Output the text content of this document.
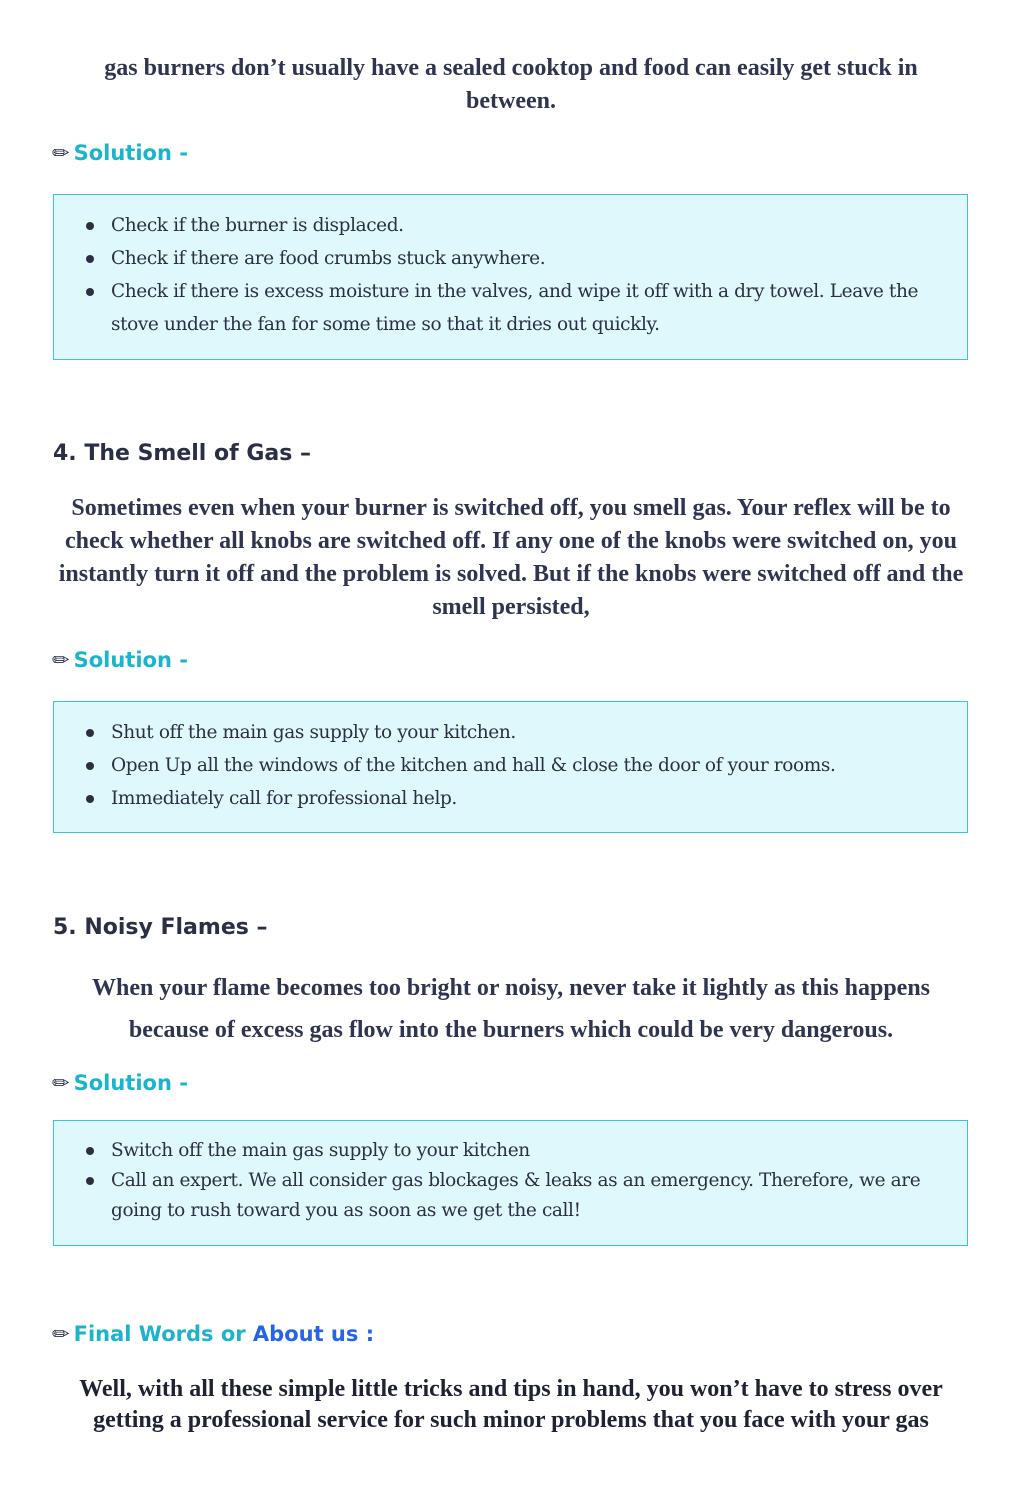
gas burners don’t usually have a sealed cooktop and food can easily get stuck in between.
✏ Solution -
Check if the burner is displaced.
Check if there are food crumbs stuck anywhere.
Check if there is excess moisture in the valves, and wipe it off with a dry towel. Leave the stove under the fan for some time so that it dries out quickly.
4. The Smell of Gas –
Sometimes even when your burner is switched off, you smell gas. Your reflex will be to check whether all knobs are switched off. If any one of the knobs were switched on, you instantly turn it off and the problem is solved. But if the knobs were switched off and the smell persisted,
✏ Solution -
Shut off the main gas supply to your kitchen.
Open Up all the windows of the kitchen and hall & close the door of your rooms.
Immediately call for professional help.
5. Noisy Flames –
When your flame becomes too bright or noisy, never take it lightly as this happens because of excess gas flow into the burners which could be very dangerous.
✏ Solution -
Switch off the main gas supply to your kitchen
Call an expert. We all consider gas blockages & leaks as an emergency. Therefore, we are going to rush toward you as soon as we get the call!
✏ Final Words or About us :
Well, with all these simple little tricks and tips in hand, you won’t have to stress over getting a professional service for such minor problems that you face with your gas
